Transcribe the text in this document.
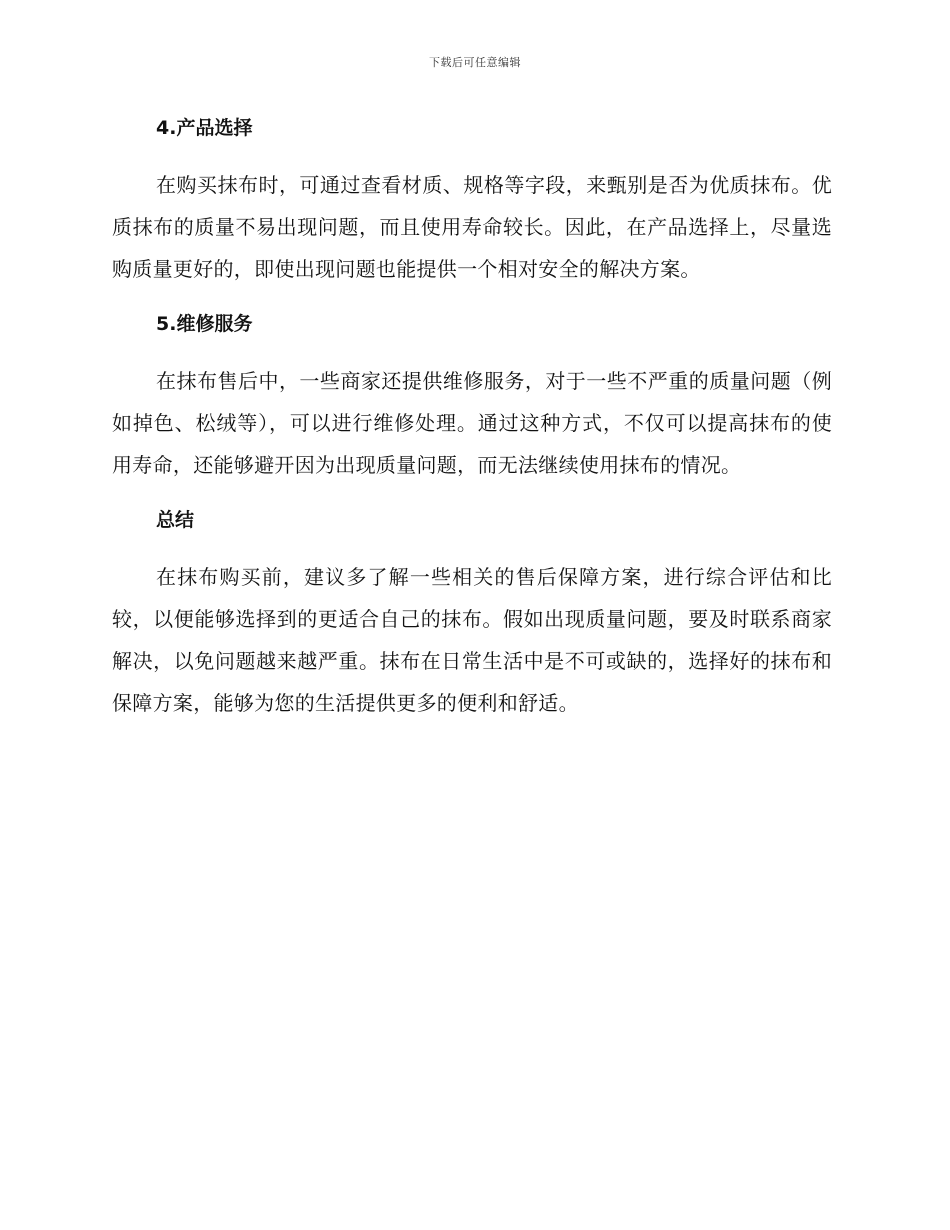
下载后可任意编辑
4.产品选择

在购买抹布时，可通过查看材质、规格等字段，来甄别是否为优质抹布。优质抹布的质量不易出现问题，而且使用寿命较长。因此，在产品选择上，尽量选购质量更好的，即使出现问题也能提供一个相对安全的解决方案。

5.维修服务

在抹布售后中，一些商家还提供维修服务，对于一些不严重的质量问题（例如掉色、松绒等），可以进行维修处理。通过这种方式，不仅可以提高抹布的使用寿命，还能够避开因为出现质量问题，而无法继续使用抹布的情况。

总结

在抹布购买前，建议多了解一些相关的售后保障方案，进行综合评估和比较，以便能够选择到的更适合自己的抹布。假如出现质量问题，要及时联系商家解决，以免问题越来越严重。抹布在日常生活中是不可或缺的，选择好的抹布和保障方案，能够为您的生活提供更多的便利和舒适。
